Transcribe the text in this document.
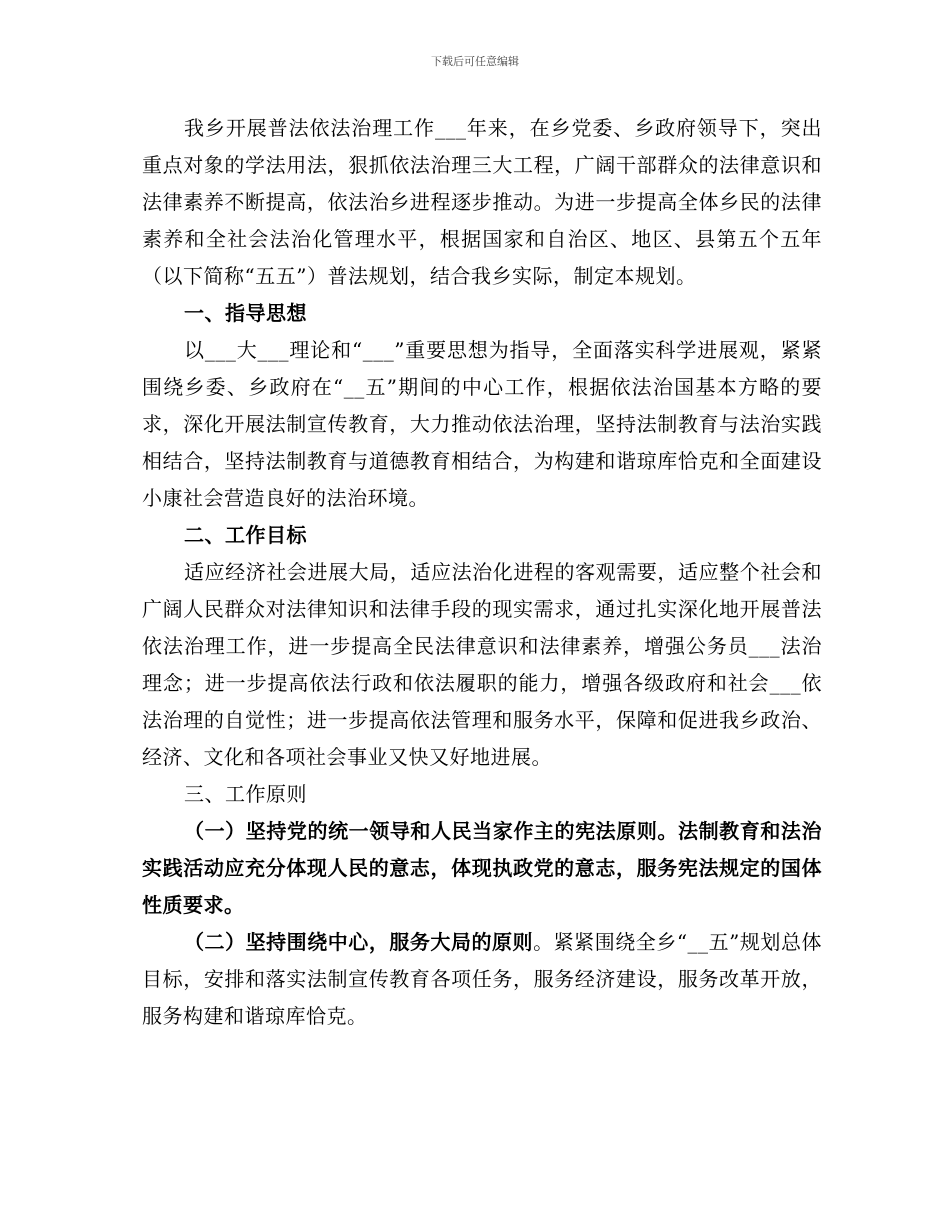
下载后可任意编辑

我乡开展普法依法治理工作___年来，在乡党委、乡政府领导下，突出重点对象的学法用法，狠抓依法治理三大工程，广阔干部群众的法律意识和法律素养不断提高，依法治乡进程逐步推动。为进一步提高全体乡民的法律素养和全社会法治化管理水平，根据国家和自治区、地区、县第五个五年（以下简称“五五”）普法规划，结合我乡实际，制定本规划。

一、指导思想

以___大___理论和“___”重要思想为指导，全面落实科学进展观，紧紧围绕乡委、乡政府在“__五”期间的中心工作，根据依法治国基本方略的要求，深化开展法制宣传教育，大力推动依法治理，坚持法制教育与法治实践相结合，坚持法制教育与道德教育相结合，为构建和谐琼库恰克和全面建设小康社会营造良好的法治环境。

二、工作目标

适应经济社会进展大局，适应法治化进程的客观需要，适应整个社会和广阔人民群众对法律知识和法律手段的现实需求，通过扎实深化地开展普法依法治理工作，进一步提高全民法律意识和法律素养，增强公务员___法治理念；进一步提高依法行政和依法履职的能力，增强各级政府和社会___依法治理的自觉性；进一步提高依法管理和服务水平，保障和促进我乡政治、经济、文化和各项社会事业又快又好地进展。

三、工作原则

（一）坚持党的统一领导和人民当家作主的宪法原则。法制教育和法治实践活动应充分体现人民的意志，体现执政党的意志，服务宪法规定的国体性质要求。

（二）坚持围绕中心，服务大局的原则。紧紧围绕全乡“__五”规划总体目标，安排和落实法制宣传教育各项任务，服务经济建设，服务改革开放，服务构建和谐琼库恰克。
